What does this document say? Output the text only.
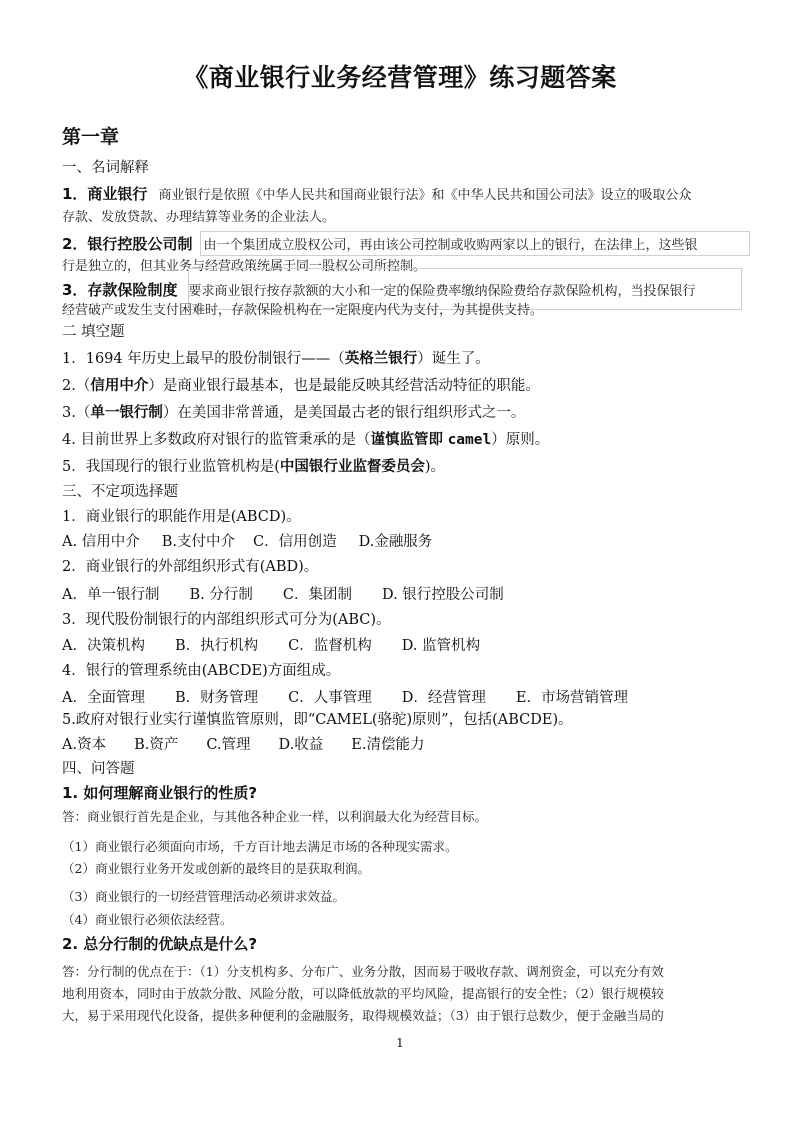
《商业银行业务经营管理》练习题答案
第一章
一、名词解释
1．商业银行 商业银行是依照《中华人民共和国商业银行法》和《中华人民共和国公司法》设立的吸取公众
存款、发放贷款、办理结算等业务的企业法人。
2．银行控股公司制 由一个集团成立股权公司，再由该公司控制或收购两家以上的银行，在法律上，这些银
行是独立的，但其业务与经营政策统属于同一股权公司所控制。
3．存款保险制度 要求商业银行按存款额的大小和一定的保险费率缴纳保险费给存款保险机构，当投保银行
经营破产或发生支付困难时，存款保险机构在一定限度内代为支付，为其提供支持。
二 填空题
1．1694 年历史上最早的股份制银行——（英格兰银行）诞生了。
2.（信用中介）是商业银行最基本，也是最能反映其经营活动特征的职能。
3.（单一银行制）在美国非常普通，是美国最古老的银行组织形式之一。
4. 目前世界上多数政府对银行的监管秉承的是（谨慎监管即 camel）原则。
5．我国现行的银行业监管机构是(中国银行业监督委员会)。
三、不定项选择题
1．商业银行的职能作用是(ABCD)。
A. 信用中介 B.支付中介 C．信用创造 D.金融服务
2．商业银行的外部组织形式有(ABD)。
A．单一银行制 B. 分行制 C．集团制 D. 银行控股公司制
3．现代股份制银行的内部组织形式可分为(ABC)。
A．决策机构 B．执行机构 C．监督机构 D. 监管机构
4．银行的管理系统由(ABCDE)方面组成。
A．全面管理 B．财务管理 C．人事管理 D．经营管理 E．市场营销管理
5.政府对银行业实行谨慎监管原则，即“CAMEL(骆驼)原则”，包括(ABCDE)。
A.资本 B.资产 C.管理 D.收益 E.清偿能力
四、问答题
1. 如何理解商业银行的性质?
答：商业银行首先是企业，与其他各种企业一样，以利润最大化为经营目标。
（1）商业银行必须面向市场，千方百计地去满足市场的各种现实需求。
（2）商业银行业务开发或创新的最终目的是获取利润。
（3）商业银行的一切经营管理活动必须讲求效益。
（4）商业银行必须依法经营。
2. 总分行制的优缺点是什么?
答：分行制的优点在于：（1）分支机构多、分布广、业务分散，因而易于吸收存款、调剂资金，可以充分有效
地利用资本，同时由于放款分散、风险分散，可以降低放款的平均风险，提高银行的安全性；（2）银行规模较
大，易于采用现代化设备，提供多种便利的金融服务，取得规模效益；（3）由于银行总数少，便于金融当局的
1
